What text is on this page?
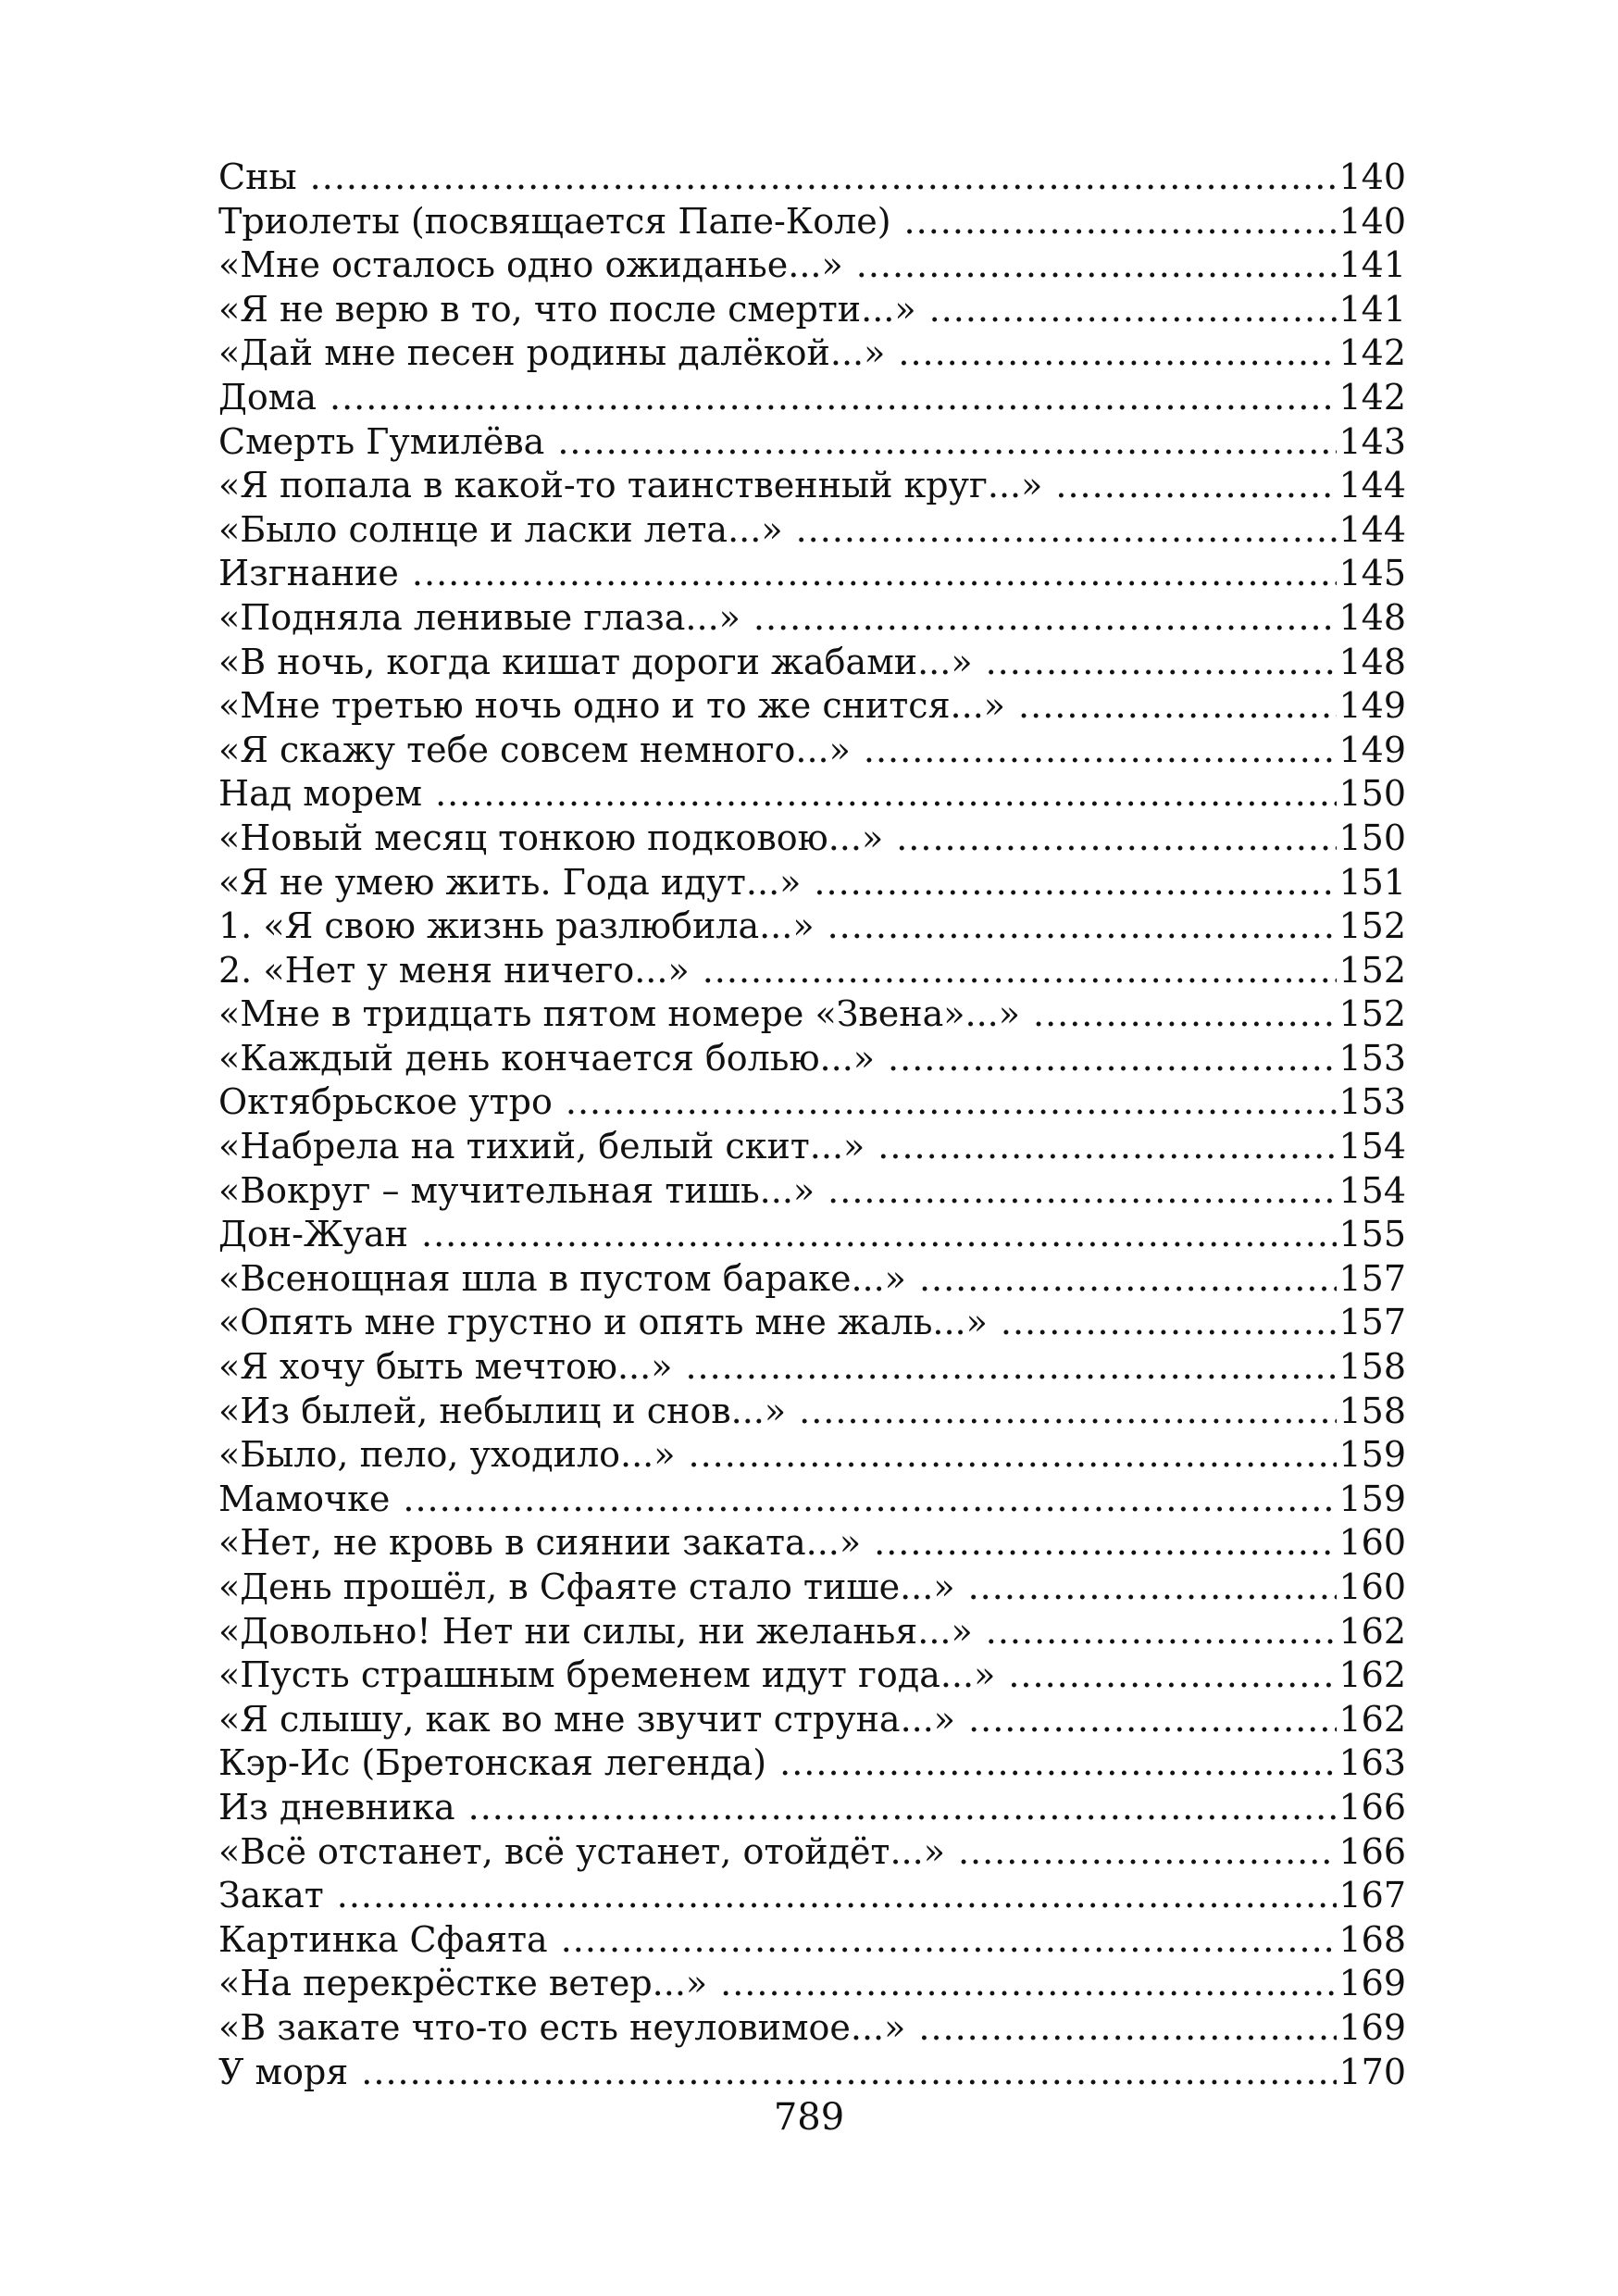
Сны .....	140
Триолеты (посвящается Папе-Коле) .....	140
«Мне осталось одно ожиданье...» .....	141
«Я не верю в то, что после смерти...» .....	141
«Дай мне песен родины далёкой...» .....	142
Дома .....	142
Смерть Гумилёва .....	143
«Я попала в какой-то таинственный круг...» .....	144
«Было солнце и ласки лета...» .....	144
Изгнание .....	145
«Подняла ленивые глаза...» .....	148
«В ночь, когда кишат дороги жабами...» .....	148
«Мне третью ночь одно и то же снится...» .....	149
«Я скажу тебе совсем немного...» .....	149
Над морем .....	150
«Новый месяц тонкою подковою...» .....	150
«Я не умею жить. Года идут...» .....	151
1. «Я свою жизнь разлюбила...» .....	152
2. «Нет у меня ничего...» .....	152
«Мне в тридцать пятом номере «Звена»...» .....	152
«Каждый день кончается болью...» .....	153
Октябрьское утро .....	153
«Набрела на тихий, белый скит...» .....	154
«Вокруг – мучительная тишь...» .....	154
Дон-Жуан .....	155
«Всенощная шла в пустом бараке...» .....	157
«Опять мне грустно и опять мне жаль...» .....	157
«Я хочу быть мечтою...» .....	158
«Из былей, небылиц и снов...» .....	158
«Было, пело, уходило...» .....	159
Мамочке .....	159
«Нет, не кровь в сиянии заката...» .....	160
«День прошёл, в Сфаяте стало тише...» .....	160
«Довольно! Нет ни силы, ни желанья...» .....	162
«Пусть страшным бременем идут года...» .....	162
«Я слышу, как во мне звучит струна...» .....	162
Кэр-Ис (Бретонская легенда) .....	163
Из дневника .....	166
«Всё отстанет, всё устанет, отойдёт...» .....	166
Закат .....	167
Картинка Сфаята .....	168
«На перекрёстке ветер...» .....	169
«В закате что-то есть неуловимое...» .....	169
У моря .....	170
789
